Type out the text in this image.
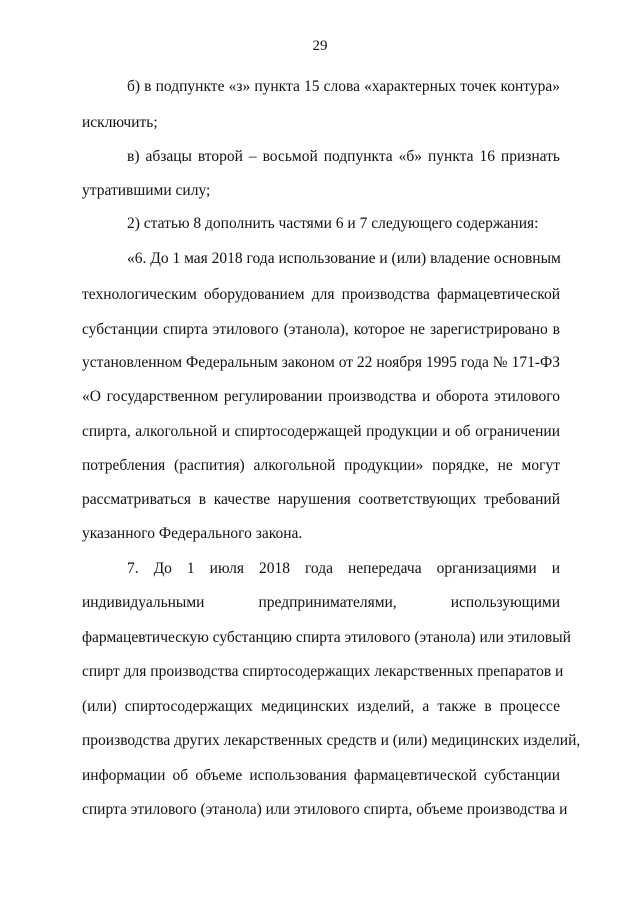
29
б) в подпункте «з» пункта 15 слова «характерных точек контура»
исключить;
в) абзацы второй – восьмой подпункта «б» пункта 16 признать
утратившими силу;
2) статью 8 дополнить частями 6 и 7 следующего содержания:
«6. До 1 мая 2018 года использование и (или) владение основным
технологическим оборудованием для производства фармацевтической
субстанции спирта этилового (этанола), которое не зарегистрировано в
установленном Федеральным законом от 22 ноября 1995 года № 171-ФЗ
«О государственном регулировании производства и оборота этилового
спирта, алкогольной и спиртосодержащей продукции и об ограничении
потребления (распития) алкогольной продукции» порядке, не могут
рассматриваться в качестве нарушения соответствующих требований
указанного Федерального закона.
7. До 1 июля 2018 года непередача организациями и
индивидуальными предпринимателями, использующими
фармацевтическую субстанцию спирта этилового (этанола) или этиловый
спирт для производства спиртосодержащих лекарственных препаратов и
(или) спиртосодержащих медицинских изделий, а также в процессе
производства других лекарственных средств и (или) медицинских изделий,
информации об объеме использования фармацевтической субстанции
спирта этилового (этанола) или этилового спирта, объеме производства и
